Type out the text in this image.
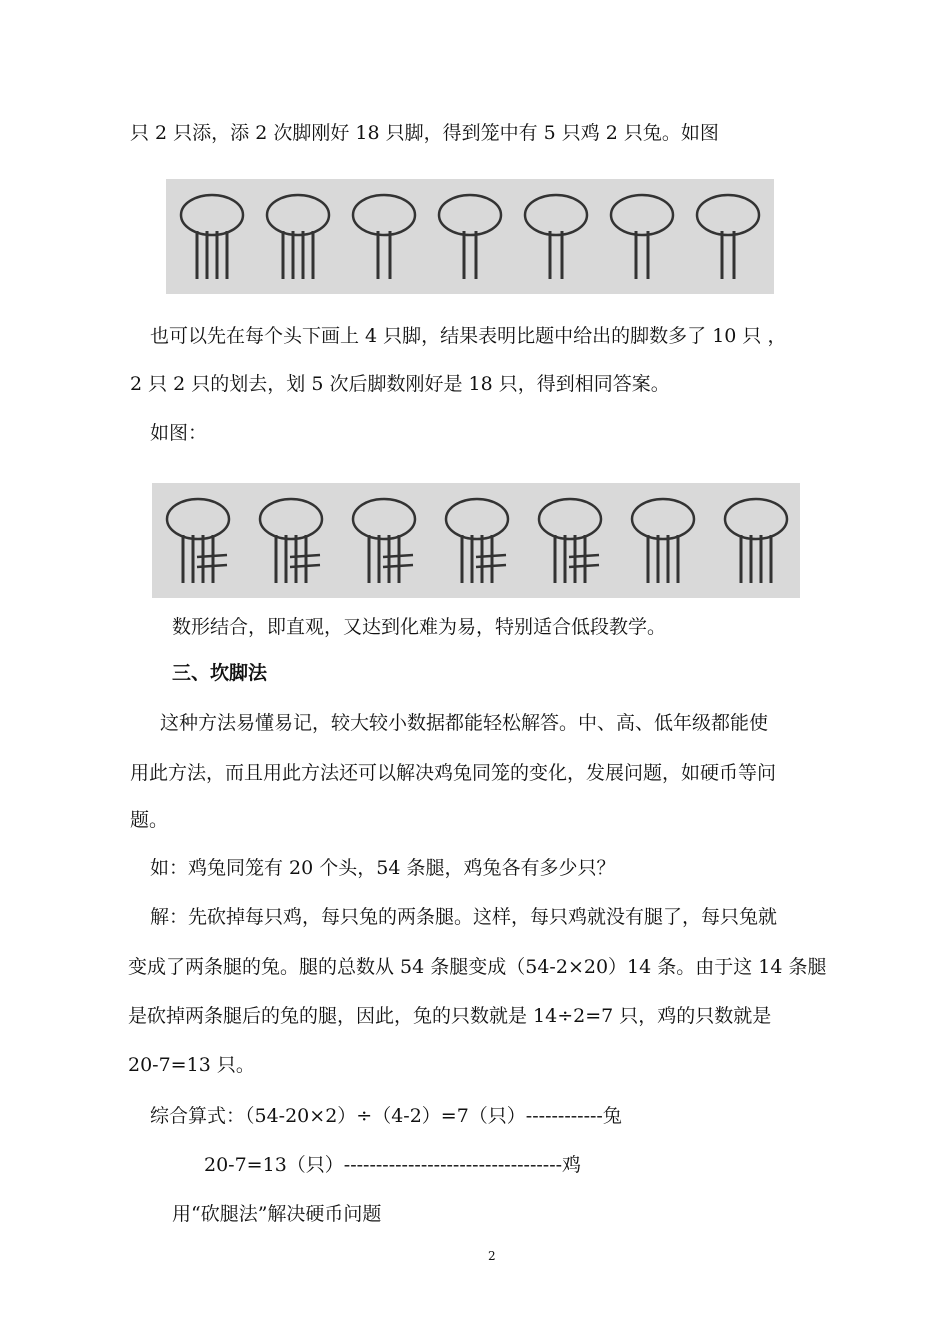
只 2 只添，添 2 次脚刚好 18 只脚，得到笼中有 5 只鸡 2 只兔。如图
也可以先在每个头下画上 4 只脚，结果表明比题中给出的脚数多了 10 只 ，
2 只 2 只的划去，划 5 次后脚数刚好是 18 只，得到相同答案。
如图：
数形结合，即直观，又达到化难为易，特别适合低段教学。
三、坎脚法
这种方法易懂易记，较大较小数据都能轻松解答。中、高、低年级都能使
用此方法，而且用此方法还可以解决鸡兔同笼的变化，发展问题，如硬币等问
题。
如：鸡兔同笼有 20 个头，54 条腿，鸡兔各有多少只？
解：先砍掉每只鸡，每只兔的两条腿。这样，每只鸡就没有腿了，每只兔就
变成了两条腿的兔。腿的总数从 54 条腿变成（54-2×20）14 条。由于这 14 条腿
是砍掉两条腿后的兔的腿，因此，兔的只数就是 14÷2=7 只，鸡的只数就是
20-7=13 只。
综合算式：（54-20×2）÷（4-2）=7（只）------------兔
20-7=13（只）----------------------------------鸡
用“砍腿法”解决硬币问题
2
